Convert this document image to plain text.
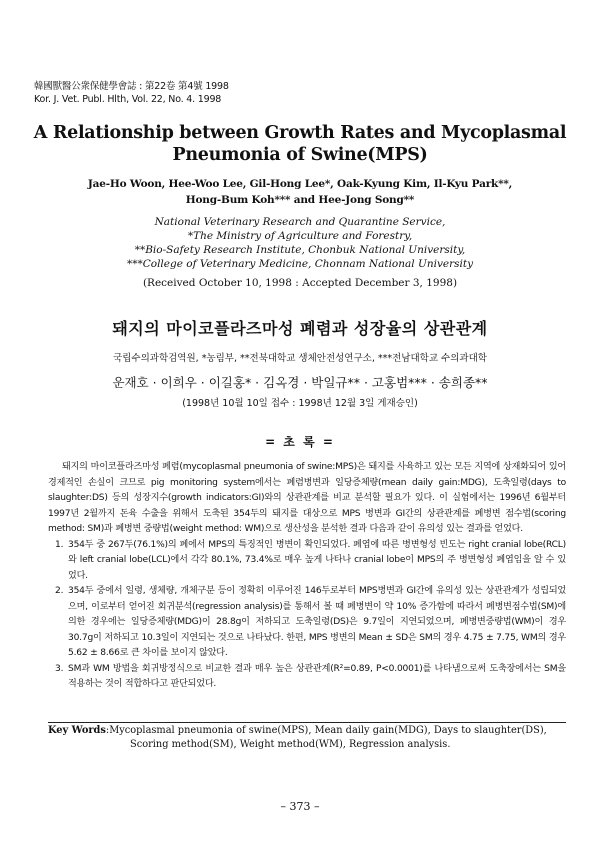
韓國獸醫公衆保健學會誌 : 第22卷 第4號 1998
Kor. J. Vet. Publ. Hlth, Vol. 22, No. 4. 1998
A Relationship between Growth Rates and Mycoplasmal
Pneumonia of Swine(MPS)
Jae-Ho Woon, Hee-Woo Lee, Gil-Hong Lee*, Oak-Kyung Kim, Il-Kyu Park**,
Hong-Bum Koh*** and Hee-Jong Song**
National Veterinary Research and Quarantine Service,
*The Ministry of Agriculture and Forestry,
**Bio-Safety Research Institute, Chonbuk National University,
***College of Veterinary Medicine, Chonnam National University
(Received October 10, 1998 : Accepted December 3, 1998)
돼지의 마이코플라즈마성 폐렴과 성장율의 상관관계
국립수의과학검역원, *농림부, **전북대학교 생체안전성연구소, ***전남대학교 수의과대학
운재호 · 이희우 · 이길홍* · 김옥경 · 박일규** · 고홍범*** · 송희종**
(1998년 10월 10일 접수 : 1998년 12월 3일 게재승인)
= 초 록 =

돼지의 마이코플라즈마성 폐렴(mycoplasmal pneumonia of swine:MPS)은 돼지를 사육하고 있는 모든 지역에 상재화되어 있어 경제적인 손실이 크므로 pig monitoring system에서는 폐렴병변과 일당증체량(mean daily gain:MDG), 도축일령(days to slaughter:DS) 등의 성장지수(growth indicators:GI)와의 상관관계를 비교 분석할 필요가 있다. 이 실험에서는 1996년 6월부터 1997년 2월까지 돈육 수출을 위해서 도축된 354두의 돼지를 대상으로 MPS 병변과 GI간의 상관관계를 폐병변 점수법(scoring method: SM)과 폐병변 중량법(weight method: WM)으로 생산성을 분석한 결과 다음과 같이 유의성 있는 결과를 얻었다.

1. 354두 중 267두(76.1%)의 폐에서 MPS의 특징적인 병변이 확인되었다. 폐엽에 따른 병변형성 빈도는 right cranial lobe(RCL)와 left cranial lobe(LCL)에서 각각 80.1%, 73.4%로 매우 높게 나타나 cranial lobe이 MPS의 주 병변형성 폐엽임을 알 수 있었다.
2. 354두 중에서 일령, 생체량, 개체구분 등이 정확히 이루어진 146두로부터 MPS병변과 GI간에 유의성 있는 상관관계가 성립되었으며, 이로부터 얻어진 회귀분석(regression analysis)를 통해서 볼 때 폐병변이 약 10% 증가함에 따라서 폐병변점수법(SM)에 의한 경우에는 일당증체량(MDG)이 28.8g이 저하되고 도축일령(DS)은 9.7일이 지연되었으며, 폐병변중량법(WM)이 경우 30.7g이 저하되고 10.3일이 지연되는 것으로 나타났다. 한편, MPS 병변의 Mean ± SD은 SM의 경우 4.75 ± 7.75, WM의 경우 5.62 ± 8.66로 큰 차이를 보이지 않았다.
3. SM과 WM 방법을 회귀방정식으로 비교한 결과 매우 높은 상관관계(R²=0.89, P<0.0001)를 나타냄으로써 도축장에서는 SM을 적용하는 것이 적합하다고 판단되었다.
Key Words:Mycoplasmal pneumonia of swine(MPS), Mean daily gain(MDG), Days to slaughter(DS),
Scoring method(SM), Weight method(WM), Regression analysis.
– 373 –
